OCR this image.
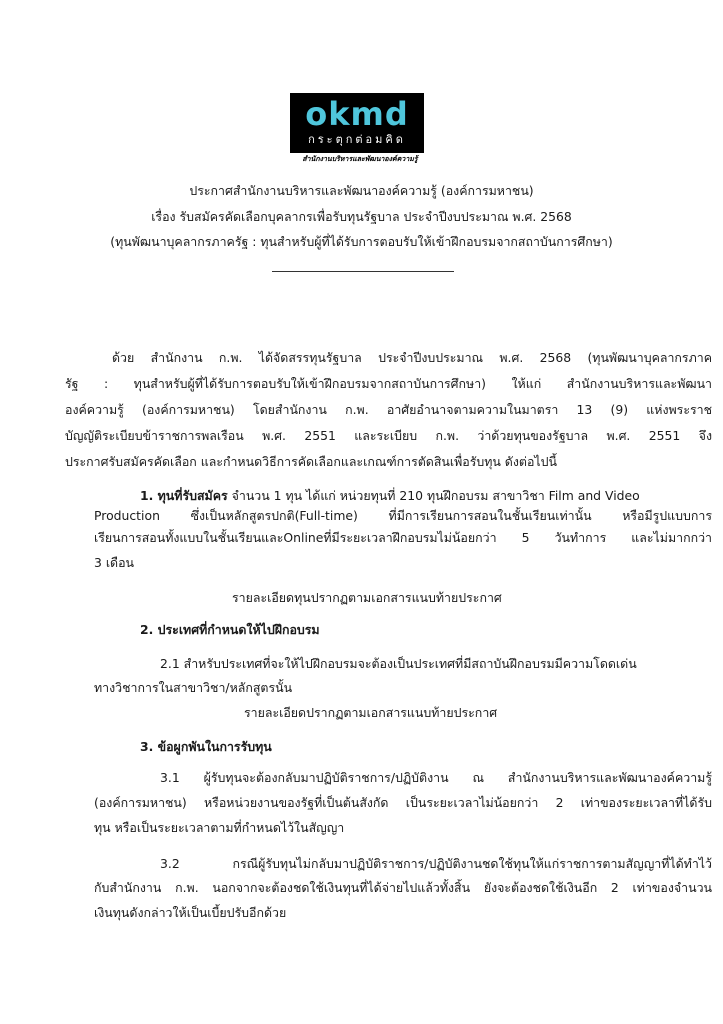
okmd
กระตุกต่อมคิด
สำนักงานบริหารและพัฒนาองค์ความรู้
ประกาศสำนักงานบริหารและพัฒนาองค์ความรู้ (องค์การมหาชน)
เรื่อง รับสมัครคัดเลือกบุคลากรเพื่อรับทุนรัฐบาล ประจำปีงบประมาณ พ.ศ. 2568
(ทุนพัฒนาบุคลากรภาครัฐ : ทุนสำหรับผู้ที่ได้รับการตอบรับให้เข้าฝึกอบรมจากสถาบันการศึกษา)
ด้วย สำนักงาน ก.พ. ได้จัดสรรทุนรัฐบาล ประจำปีงบประมาณ พ.ศ. 2568 (ทุนพัฒนาบุคลากรภาค
รัฐ : ทุนสำหรับผู้ที่ได้รับการตอบรับให้เข้าฝึกอบรมจากสถาบันการศึกษา) ให้แก่ สำนักงานบริหารและพัฒนา
องค์ความรู้ (องค์การมหาชน) โดยสำนักงาน ก.พ. อาศัยอำนาจตามความในมาตรา 13 (9) แห่งพระราช
บัญญัติระเบียบข้าราชการพลเรือน พ.ศ. 2551 และระเบียบ ก.พ. ว่าด้วยทุนของรัฐบาล พ.ศ. 2551 จึง
ประกาศรับสมัครคัดเลือก และกำหนดวิธีการคัดเลือกและเกณฑ์การตัดสินเพื่อรับทุน ดังต่อไปนี้
1. ทุนที่รับสมัคร จำนวน 1 ทุน ได้แก่ หน่วยทุนที่ 210 ทุนฝึกอบรม สาขาวิชา Film and Video
Production ซึ่งเป็นหลักสูตรปกติ(Full-time) ที่มีการเรียนการสอนในชั้นเรียนเท่านั้น หรือมีรูปแบบการ
เรียนการสอนทั้งแบบในชั้นเรียนและOnlineที่มีระยะเวลาฝึกอบรมไม่น้อยกว่า 5 วันทำการ และไม่มากกว่า
3 เดือน
รายละเอียดทุนปรากฏตามเอกสารแนบท้ายประกาศ
2. ประเทศที่กำหนดให้ไปฝึกอบรม
2.1 สำหรับประเทศที่จะให้ไปฝึกอบรมจะต้องเป็นประเทศที่มีสถาบันฝึกอบรมมีความโดดเด่น
ทางวิชาการในสาขาวิชา/หลักสูตรนั้น
รายละเอียดปรากฏตามเอกสารแนบท้ายประกาศ
3. ข้อผูกพันในการรับทุน
3.1 ผู้รับทุนจะต้องกลับมาปฏิบัติราชการ/ปฏิบัติงาน ณ สำนักงานบริหารและพัฒนาองค์ความรู้
(องค์การมหาชน) หรือหน่วยงานของรัฐที่เป็นต้นสังกัด เป็นระยะเวลาไม่น้อยกว่า 2 เท่าของระยะเวลาที่ได้รับ
ทุน หรือเป็นระยะเวลาตามที่กำหนดไว้ในสัญญา
3.2 กรณีผู้รับทุนไม่กลับมาปฏิบัติราชการ/ปฏิบัติงานชดใช้ทุนให้แก่ราชการตามสัญญาที่ได้ทำไว้
กับสำนักงาน ก.พ. นอกจากจะต้องชดใช้เงินทุนที่ได้จ่ายไปแล้วทั้งสิ้น ยังจะต้องชดใช้เงินอีก 2 เท่าของจำนวน
เงินทุนดังกล่าวให้เป็นเบี้ยปรับอีกด้วย
